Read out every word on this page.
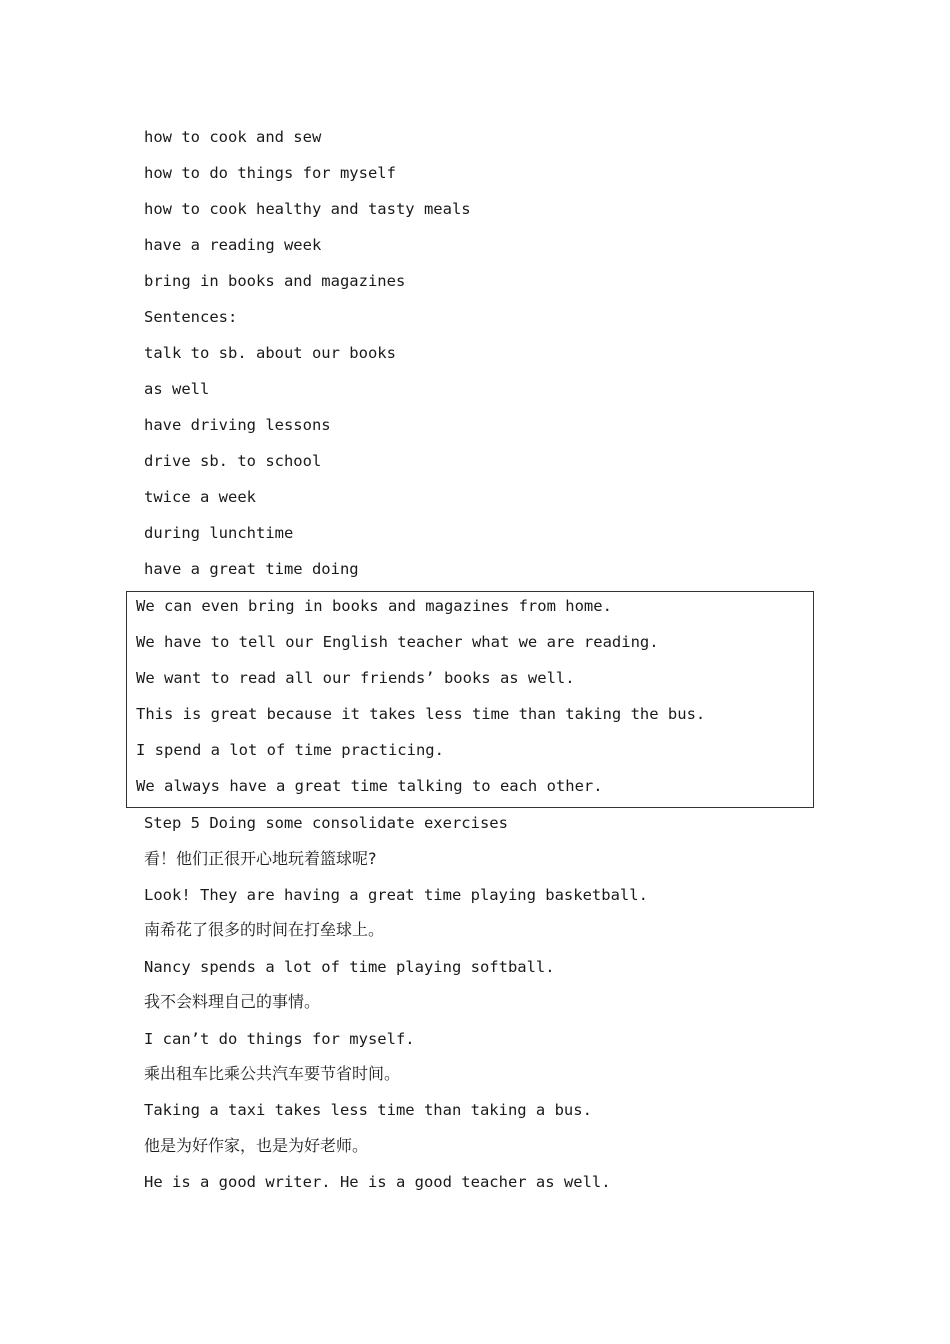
how to cook and sew
how to do things for myself
how to cook healthy and tasty meals
have a reading week
bring in books and magazines
Sentences:
talk to sb. about our books
as well
have driving lessons
drive sb. to school
twice a week
during lunchtime
have a great time doing
We can even bring in books and magazines from home.
We have to tell our English teacher what we are reading.
We want to read all our friends’ books as well.
This is great because it takes less time than taking the bus.
I spend a lot of time practicing.
We always have a great time talking to each other.
Step 5 Doing some consolidate exercises
看！他们正很开心地玩着篮球呢?
Look! They are having a great time playing basketball.
南希花了很多的时间在打垒球上。
Nancy spends a lot of time playing softball.
我不会料理自己的事情。
I can’t do things for myself.
乘出租车比乘公共汽车要节省时间。
Taking a taxi takes less time than taking a bus.
他是为好作家，也是为好老师。
He is a good writer. He is a good teacher as well.
